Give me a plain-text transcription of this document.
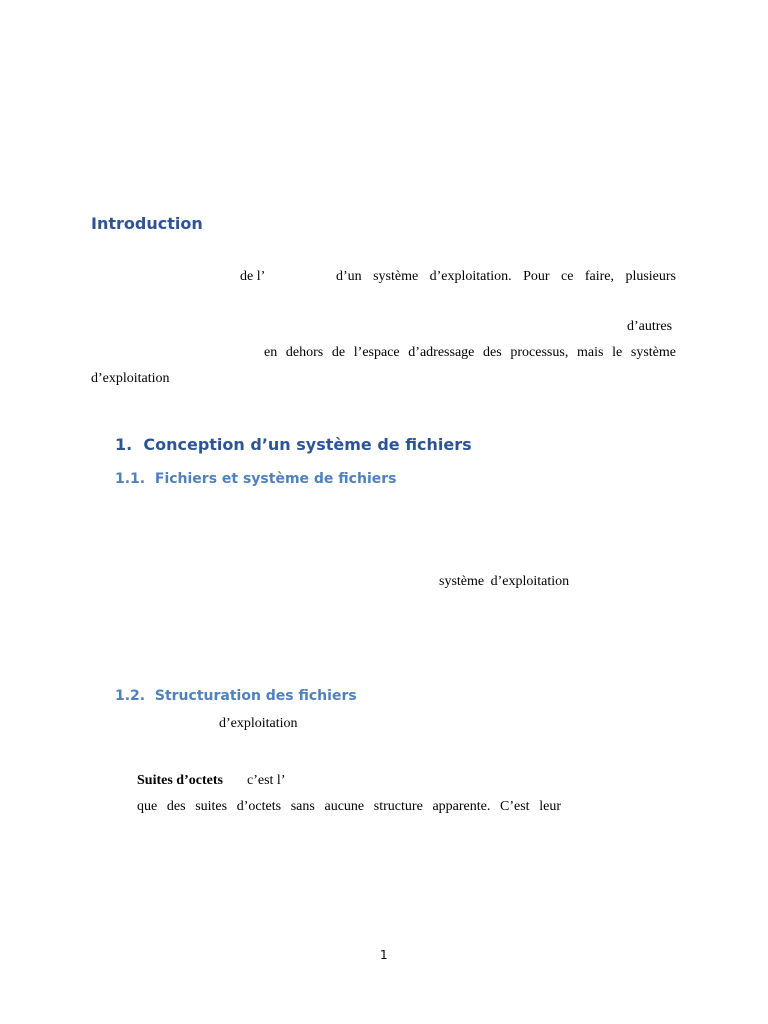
Introduction
de l’	d’un système d’exploitation. Pour ce faire, plusieurs
d’autres
en dehors de l’espace d’adressage des processus, mais le système
d’exploitation
1. Conception d’un système de fichiers
1.1. Fichiers et système de fichiers
système d’exploitation
1.2. Structuration des fichiers
d’exploitation
Suites d’octets c’est l’
que des suites d’octets sans aucune structure apparente. C’est leur
1
